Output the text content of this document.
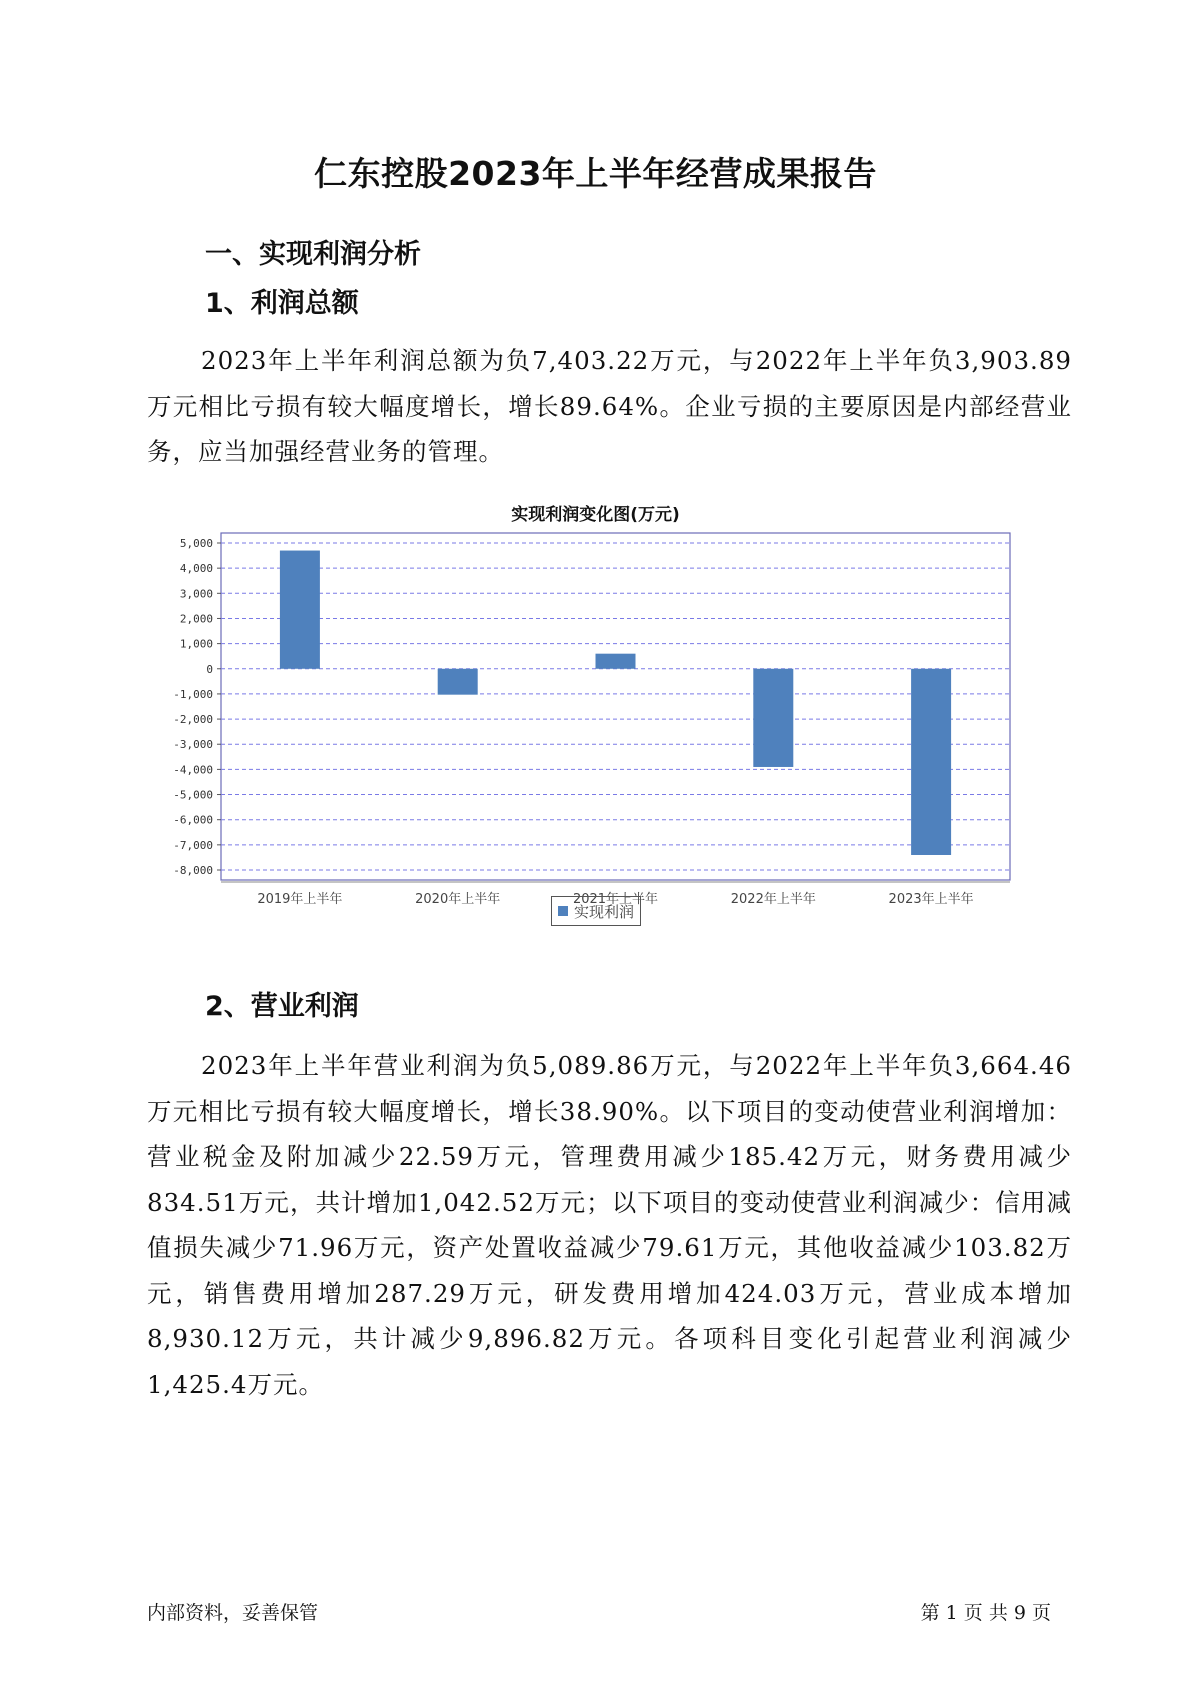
仁东控股2023年上半年经营成果报告
一、实现利润分析
1、利润总额
2023年上半年利润总额为负7,403.22万元，与2022年上半年负3,903.89万元相比亏损有较大幅度增长，增长89.64%。企业亏损的主要原因是内部经营业务，应当加强经营业务的管理。
实现利润变化图(万元)
5,000
4,000
3,000
2,000
1,000
0
-1,000
-2,000
-3,000
-4,000
-5,000
-6,000
-7,000
-8,000
2019年上半年	2020年上半年	2021年上半年	2022年上半年	2023年上半年
实现利润
2、营业利润
2023年上半年营业利润为负5,089.86万元，与2022年上半年负3,664.46万元相比亏损有较大幅度增长，增长38.90%。以下项目的变动使营业利润增加：营业税金及附加减少22.59万元，管理费用减少185.42万元，财务费用减少834.51万元，共计增加1,042.52万元；以下项目的变动使营业利润减少：信用减值损失减少71.96万元，资产处置收益减少79.61万元，其他收益减少103.82万元，销售费用增加287.29万元，研发费用增加424.03万元，营业成本增加8,930.12万元，共计减少9,896.82万元。各项科目变化引起营业利润减少1,425.4万元。
内部资料，妥善保管	第 1 页 共 9 页
